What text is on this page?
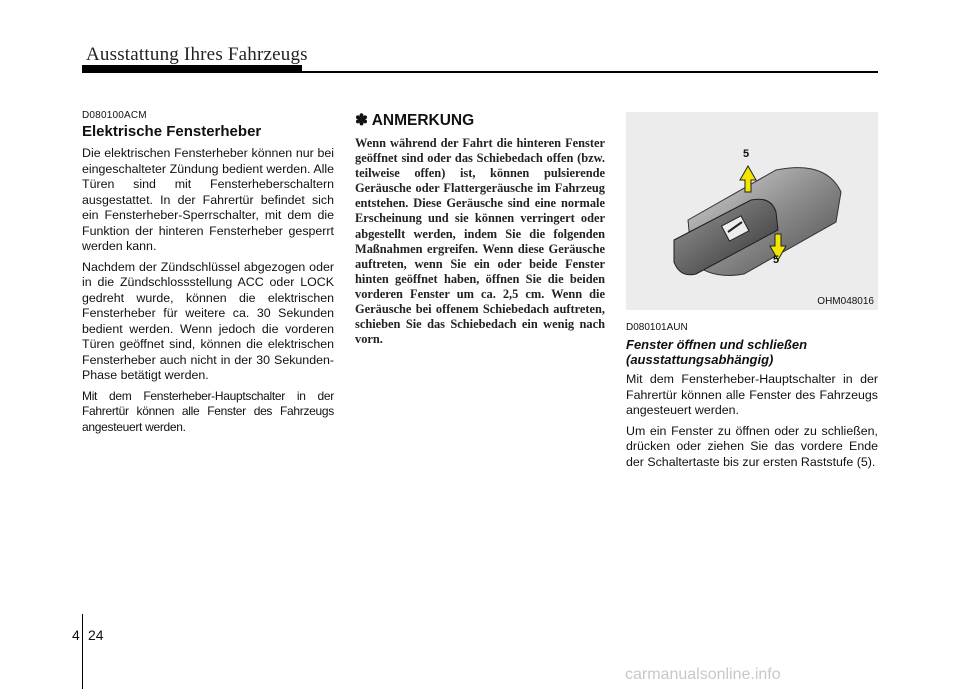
Ausstattung Ihres Fahrzeugs
D080100ACM
Elektrische Fensterheber

Die elektrischen Fensterheber können nur bei eingeschalteter Zündung bedient werden. Alle Türen sind mit Fensterheberschaltern ausgestattet. In der Fahrertür befindet sich ein Fensterheber-Sperrschalter, mit dem die Funktion der hinteren Fensterheber gesperrt werden kann.

Nachdem der Zündschlüssel abgezogen oder in die Zündschlossstellung ACC oder LOCK gedreht wurde, können die elektrischen Fensterheber für weitere ca. 30 Sekunden bedient werden. Wenn jedoch die vorderen Türen geöffnet sind, können die elektrischen Fensterheber auch nicht in der 30 Sekunden-Phase betätigt werden.

Mit dem Fensterheber-Hauptschalter in der Fahrertür können alle Fenster des Fahrzeugs angesteuert werden.

✽ ANMERKUNG
Wenn während der Fahrt die hinteren Fenster geöffnet sind oder das Schiebedach offen (bzw. teilweise offen) ist, können pulsierende Geräusche oder Flattergeräusche im Fahrzeug entstehen. Diese Geräusche sind eine normale Erscheinung und sie können verringert oder abgestellt werden, indem Sie die folgenden Maßnahmen ergreifen. Wenn diese Geräusche auftreten, wenn Sie ein oder beide Fenster hinten geöffnet haben, öffnen Sie die beiden vorderen Fenster um ca. 2,5 cm. Wenn die Geräusche bei offenem Schiebedach auftreten, schieben Sie das Schiebedach ein wenig nach vorn.
5
5
OHM048016
D080101AUN
Fenster öffnen und schließen (ausstattungsabhängig)

Mit dem Fensterheber-Hauptschalter in der Fahrertür können alle Fenster des Fahrzeugs angesteuert werden.

Um ein Fenster zu öffnen oder zu schließen, drücken oder ziehen Sie das vordere Ende der Schaltertaste bis zur ersten Raststufe (5).

4 24
carmanualsonline.info
